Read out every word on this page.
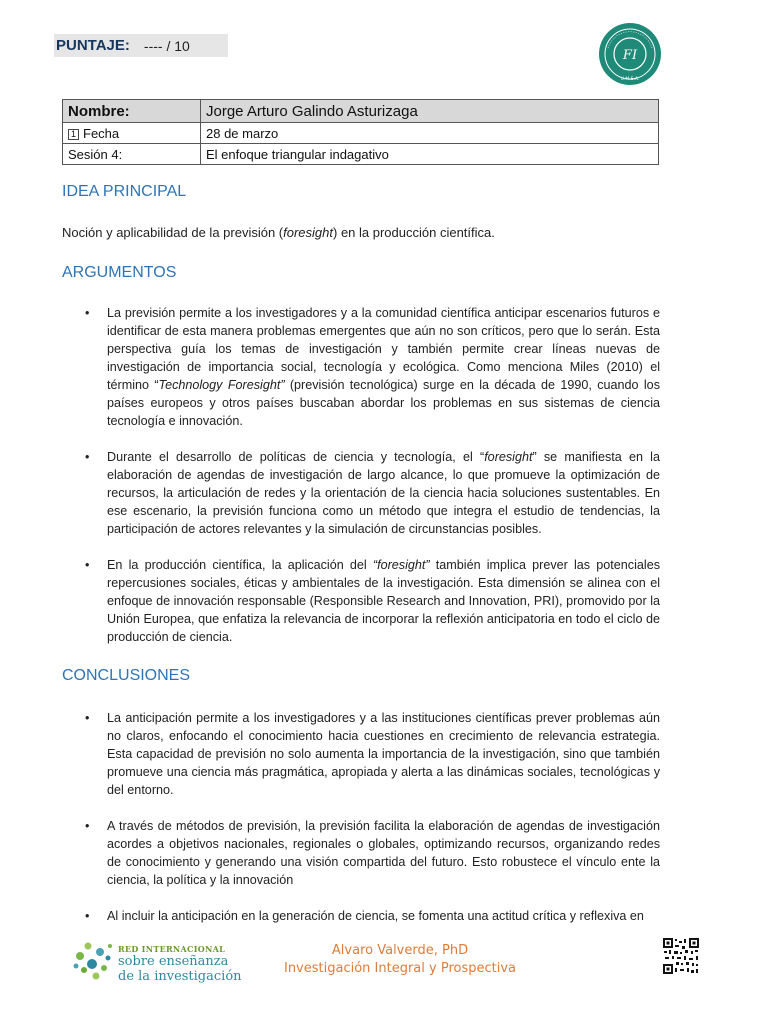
PUNTAJE: ---- / 10
FI
U.M.S.A.
Nombre:	Jorge Arturo Galindo Asturizaga
1 Fecha	28 de marzo
Sesión 4:	El enfoque triangular indagativo
IDEA PRINCIPAL

Noción y aplicabilidad de la previsión (foresight) en la producción científica.

ARGUMENTOS
• La previsión permite a los investigadores y a la comunidad científica anticipar escenarios futuros e identificar de esta manera problemas emergentes que aún no son críticos, pero que lo serán. Esta perspectiva guía los temas de investigación y también permite crear líneas nuevas de investigación de importancia social, tecnología y ecológica. Como menciona Miles (2010) el término “Technology Foresight” (previsión tecnológica) surge en la década de 1990, cuando los países europeos y otros países buscaban abordar los problemas en sus sistemas de ciencia tecnología e innovación.
• Durante el desarrollo de políticas de ciencia y tecnología, el “foresight” se manifiesta en la elaboración de agendas de investigación de largo alcance, lo que promueve la optimización de recursos, la articulación de redes y la orientación de la ciencia hacia soluciones sustentables. En ese escenario, la previsión funciona como un método que integra el estudio de tendencias, la participación de actores relevantes y la simulación de circunstancias posibles.
• En la producción científica, la aplicación del “foresight” también implica prever las potenciales repercusiones sociales, éticas y ambientales de la investigación. Esta dimensión se alinea con el enfoque de innovación responsable (Responsible Research and Innovation, PRI), promovido por la Unión Europea, que enfatiza la relevancia de incorporar la reflexión anticipatoria en todo el ciclo de producción de ciencia.
CONCLUSIONES
• La anticipación permite a los investigadores y a las instituciones científicas prever problemas aún no claros, enfocando el conocimiento hacia cuestiones en crecimiento de relevancia estrategia. Esta capacidad de previsión no solo aumenta la importancia de la investigación, sino que también promueve una ciencia más pragmática, apropiada y alerta a las dinámicas sociales, tecnológicas y del entorno.
• A través de métodos de previsión, la previsión facilita la elaboración de agendas de investigación acordes a objetivos nacionales, regionales o globales, optimizando recursos, organizando redes de conocimiento y generando una visión compartida del futuro. Esto robustece el vínculo ente la ciencia, la política y la innovación
• Al incluir la anticipación en la generación de ciencia, se fomenta una actitud crítica y reflexiva en
RED INTERNACIONAL
sobre enseñanza
de la investigación
Alvaro Valverde, PhD
Investigación Integral y Prospectiva
